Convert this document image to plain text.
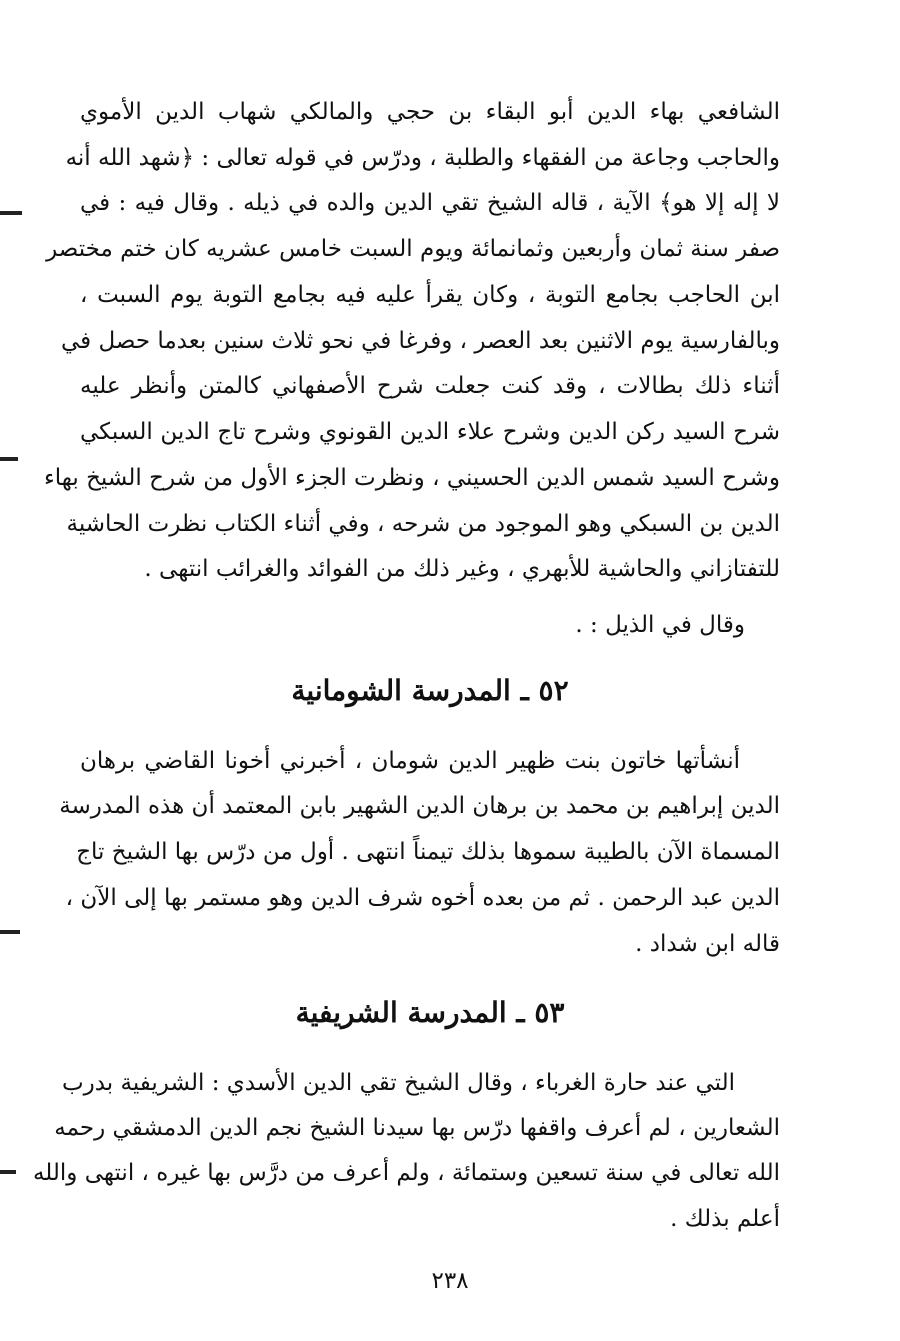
الشافعي بهاء الدين أبو البقاء بن حجي والمالكي شهاب الدين الأموي
والحاجب وجاعة من الفقهاء والطلبة ، ودرّس في قوله تعالى : ﴿شهد الله أنه
لا إله إلا هو﴾ الآية ، قاله الشيخ تقي الدين والده في ذيله . وقال فيه : في
صفر سنة ثمان وأربعين وثمانمائة ويوم السبت خامس عشريه كان ختم مختصر
ابن الحاجب بجامع التوبة ، وكان يقرأ عليه فيه بجامع التوبة يوم السبت ،
وبالفارسية يوم الاثنين بعد العصر ، وفرغا في نحو ثلاث سنين بعدما حصل في
أثناء ذلك بطالات ، وقد كنت جعلت شرح الأصفهاني كالمتن وأنظر عليه
شرح السيد ركن الدين وشرح علاء الدين القونوي وشرح تاج الدين السبكي
وشرح السيد شمس الدين الحسيني ، ونظرت الجزء الأول من شرح الشيخ بهاء
الدين بن السبكي وهو الموجود من شرحه ، وفي أثناء الكتاب نظرت الحاشية
للتفتازاني والحاشية للأبهري ، وغير ذلك من الفوائد والغرائب انتهى .
وقال في الذيل : .
٥٢ ـ المدرسة الشومانية
أنشأتها خاتون بنت ظهير الدين شومان ، أخبرني أخونا القاضي برهان
الدين إبراهيم بن محمد بن برهان الدين الشهير بابن المعتمد أن هذه المدرسة
المسماة الآن بالطيبة سموها بذلك تيمناً انتهى . أول من درّس بها الشيخ تاج
الدين عبد الرحمن . ثم من بعده أخوه شرف الدين وهو مستمر بها إلى الآن ،
قاله ابن شداد .
٥٣ ـ المدرسة الشريفية
التي عند حارة الغرباء ، وقال الشيخ تقي الدين الأسدي : الشريفية بدرب
الشعارين ، لم أعرف واقفها درّس بها سيدنا الشيخ نجم الدين الدمشقي رحمه
الله تعالى في سنة تسعين وستمائة ، ولم أعرف من درَّس بها غيره ، انتهى والله
أعلم بذلك .
٢٣٨
